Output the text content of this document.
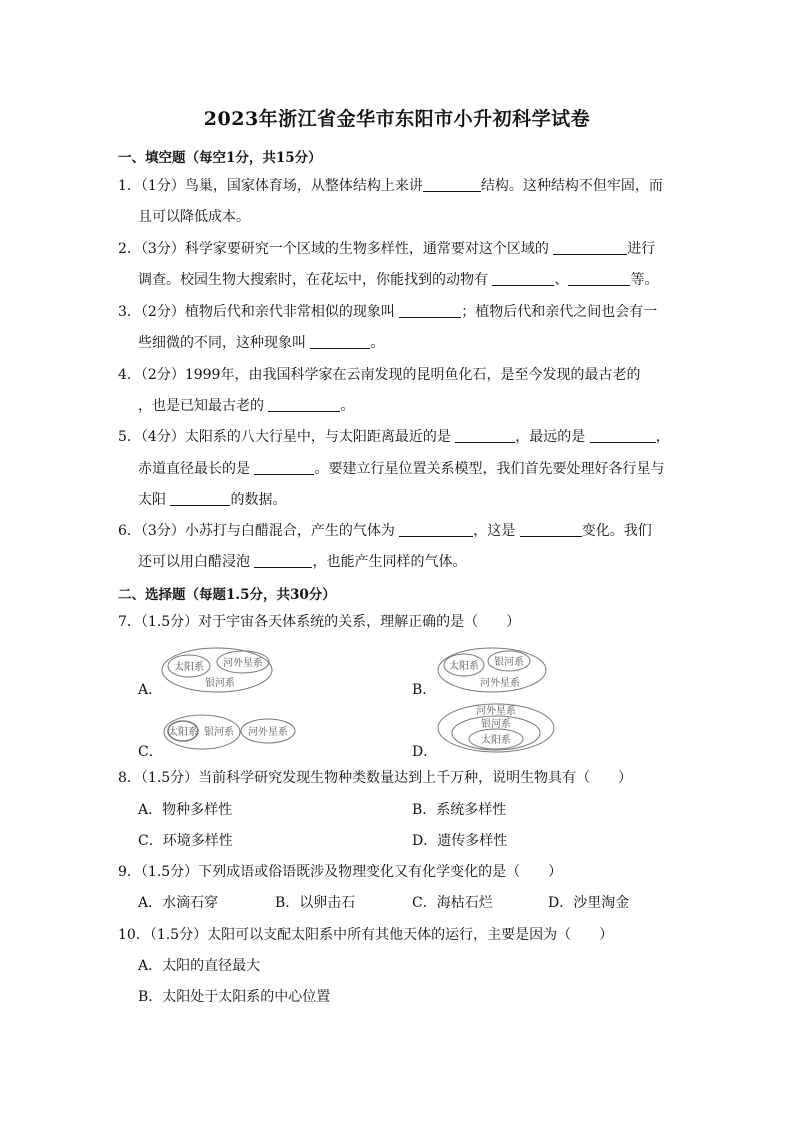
2023年浙江省金华市东阳市小升初科学试卷
一、填空题（每空1分，共15分）
1．（1分）鸟巢，国家体育场，从整体结构上来讲	结构。这种结构不但牢固，而
且可以降低成本。
2．（3分）科学家要研究一个区域的生物多样性，通常要对这个区域的	进行
调查。校园生物大搜索时，在花坛中，你能找到的动物有	、	等。
3．（2分）植物后代和亲代非常相似的现象叫	；植物后代和亲代之间也会有一
些细微的不同，这种现象叫	。
4．（2分）1999年，由我国科学家在云南发现的昆明鱼化石，是至今发现的最古老的
，也是已知最古老的	。
5．（4分）太阳系的八大行星中，与太阳距离最近的是	，最远的是	，
赤道直径最长的是	。要建立行星位置关系模型，我们首先要处理好各行星与
太阳	的数据。
6．（3分）小苏打与白醋混合，产生的气体为	，这是	变化。我们
还可以用白醋浸泡	，也能产生同样的气体。
二、选择题（每题1.5分，共30分）
7．（1.5分）对于宇宙各天体系统的关系，理解正确的是（　　）
A．	B．
C．	D．
太阳系 河外星系
银河系
太阳系 银河系
河外星系
太阳系 银河系 河外星系
河外星系
银河系
太阳系
8．（1.5分）当前科学研究发现生物种类数量达到上千万种，说明生物具有（　　）
A．物种多样性	B．系统多样性
C．环境多样性	D．遗传多样性
9．（1.5分）下列成语或俗语既涉及物理变化又有化学变化的是（　　）
A．水滴石穿	B．以卵击石	C．海枯石烂	D．沙里淘金
10．（1.5分）太阳可以支配太阳系中所有其他天体的运行，主要是因为（　　）
A．太阳的直径最大
B．太阳处于太阳系的中心位置
